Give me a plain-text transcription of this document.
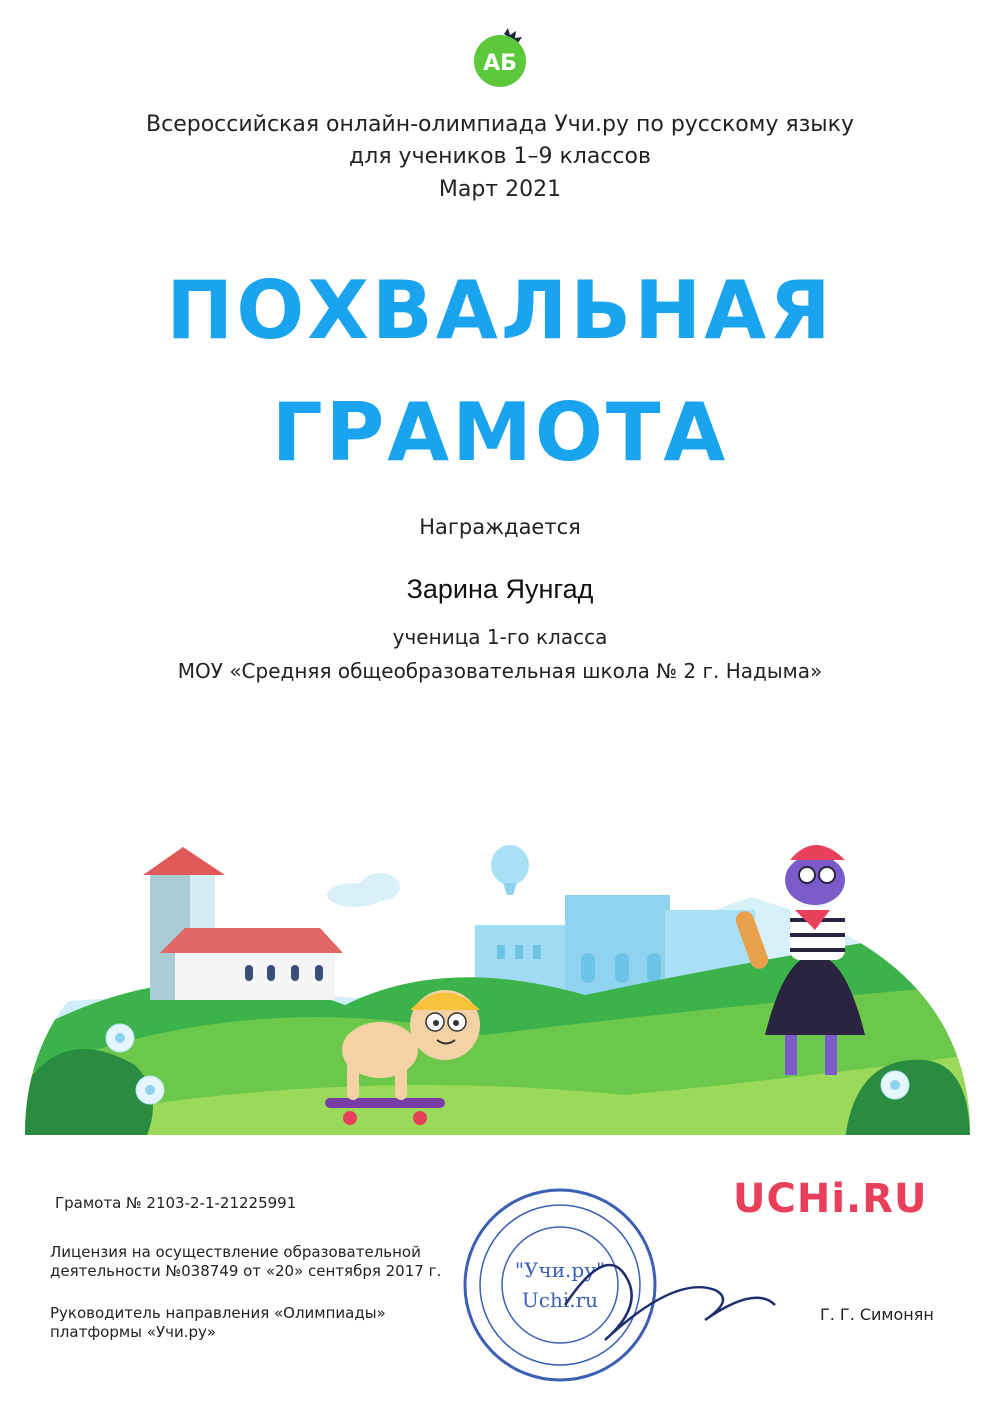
АБ
Всероссийская онлайн-олимпиада Учи.ру по русскому языку
для учеников 1–9 классов
Март 2021
ПОХВАЛЬНАЯ
ГРАМОТА
Награждается
Зарина Яунгад
ученица 1-го класса
МОУ «Средняя общеобразовательная школа № 2 г. Надыма»
Грамота № 2103-2-1-21225991
Лицензия на осуществление образовательной
деятельности №038749 от «20» сентября 2017 г.
Руководитель направления «Олимпиады»
платформы «Учи.ру»
"Учи.ру"
Uchi.ru
UCHi.RU
Г. Г. Симонян
